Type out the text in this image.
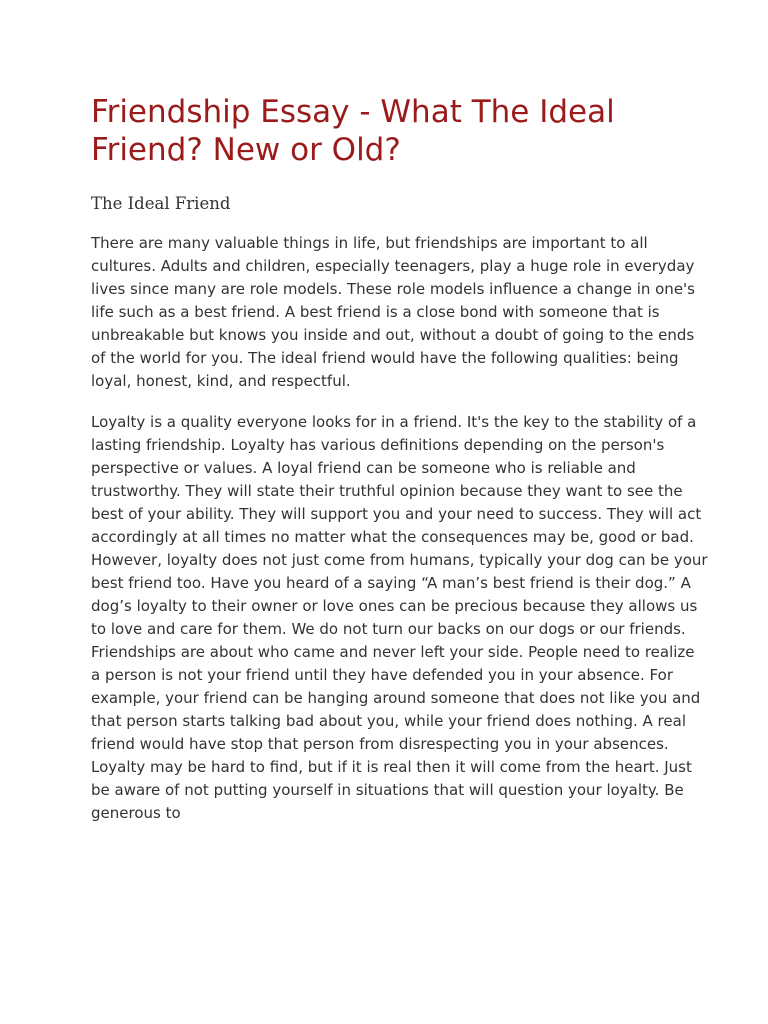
Friendship Essay - What The Ideal Friend? New or Old?
The Ideal Friend

There are many valuable things in life, but friendships are important to all cultures. Adults and children, especially teenagers, play a huge role in everyday lives since many are role models. These role models influence a change in one's life such as a best friend. A best friend is a close bond with someone that is unbreakable but knows you inside and out, without a doubt of going to the ends of the world for you. The ideal friend would have the following qualities: being loyal, honest, kind, and respectful.

Loyalty is a quality everyone looks for in a friend. It's the key to the stability of a lasting friendship. Loyalty has various definitions depending on the person's perspective or values. A loyal friend can be someone who is reliable and trustworthy. They will state their truthful opinion because they want to see the best of your ability. They will support you and your need to success. They will act accordingly at all times no matter what the consequences may be, good or bad. However, loyalty does not just come from humans, typically your dog can be your best friend too. Have you heard of a saying “A man’s best friend is their dog.” A dog’s loyalty to their owner or love ones can be precious because they allows us to love and care for them. We do not turn our backs on our dogs or our friends. Friendships are about who came and never left your side. People need to realize a person is not your friend until they have defended you in your absence. For example, your friend can be hanging around someone that does not like you and that person starts talking bad about you, while your friend does nothing. A real friend would have stop that person from disrespecting you in your absences. Loyalty may be hard to find, but if it is real then it will come from the heart. Just be aware of not putting yourself in situations that will question your loyalty. Be generous to
